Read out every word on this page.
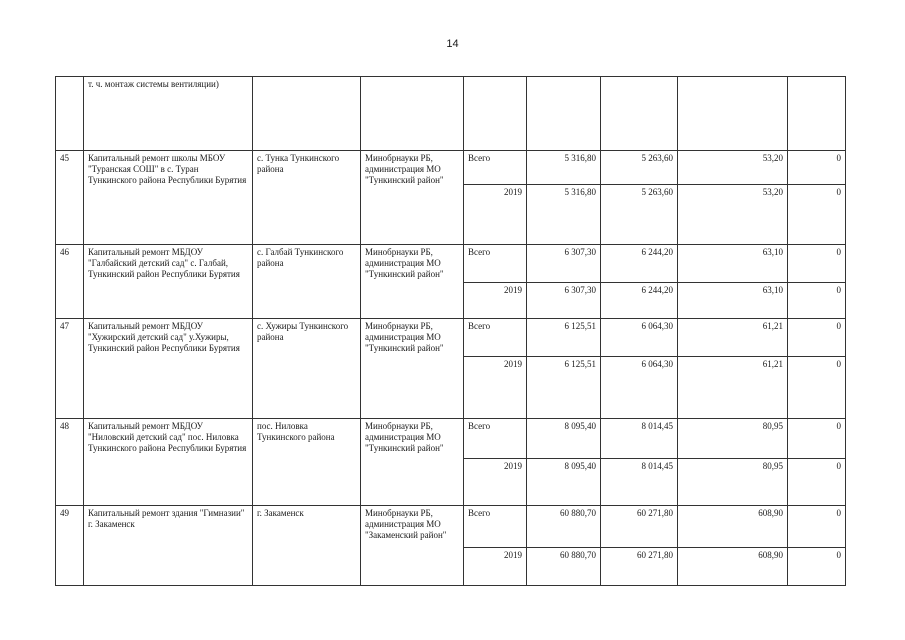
14
	т. ч. монтаж системы вентиляции)							
45	Капитальный ремонт школы МБОУ "Туранская СОШ" в с. Туран Тункинского района Республики Бурятия	с. Тунка Тункинского района	Минобрнауки РБ, администрация МО "Тункинский район"	Всего	5 316,80	5 263,60	53,20	0
				2019	5 316,80	5 263,60	53,20	0
46	Капитальный ремонт МБДОУ "Галбайский детский сад" с. Галбай, Тункинский район Республики Бурятия	с. Галбай Тункинского района	Минобрнауки РБ, администрация МО "Тункинский район"	Всего	6 307,30	6 244,20	63,10	0
				2019	6 307,30	6 244,20	63,10	0
47	Капитальный ремонт МБДОУ "Хужирский детский сад" у.Хужиры, Тункинский район Республики Бурятия	с. Хужиры Тункинского района	Минобрнауки РБ, администрация МО "Тункинский район"	Всего	6 125,51	6 064,30	61,21	0
				2019	6 125,51	6 064,30	61,21	0
48	Капитальный ремонт МБДОУ "Ниловский детский сад" пос. Ниловка Тункинского района Республики Бурятия	пос. Ниловка Тункинского района	Минобрнауки РБ, администрация МО "Тункинский район"	Всего	8 095,40	8 014,45	80,95	0
				2019	8 095,40	8 014,45	80,95	0
49	Капитальный ремонт здания "Гимназии" г. Закаменск	г. Закаменск	Минобрнауки РБ, администрация МО "Закаменский район"	Всего	60 880,70	60 271,80	608,90	0
				2019	60 880,70	60 271,80	608,90	0
